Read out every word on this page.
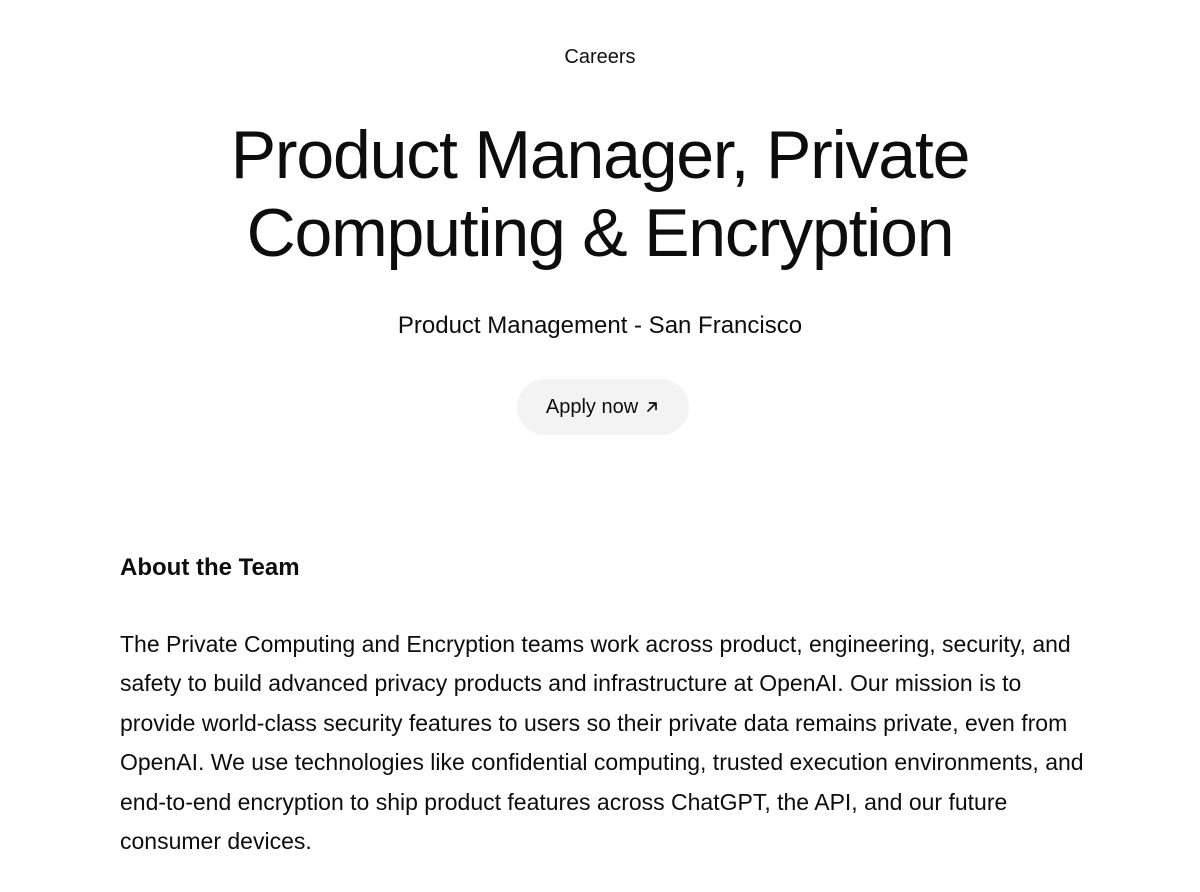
Careers
Product Manager, Private Computing & Encryption
Product Management - San Francisco
Apply now
About the Team

The Private Computing and Encryption teams work across product, engineering, security, and safety to build advanced privacy products and infrastructure at OpenAI. Our mission is to provide world-class security features to users so their private data remains private, even from OpenAI. We use technologies like confidential computing, trusted execution environments, and end-to-end encryption to ship product features across ChatGPT, the API, and our future consumer devices.
